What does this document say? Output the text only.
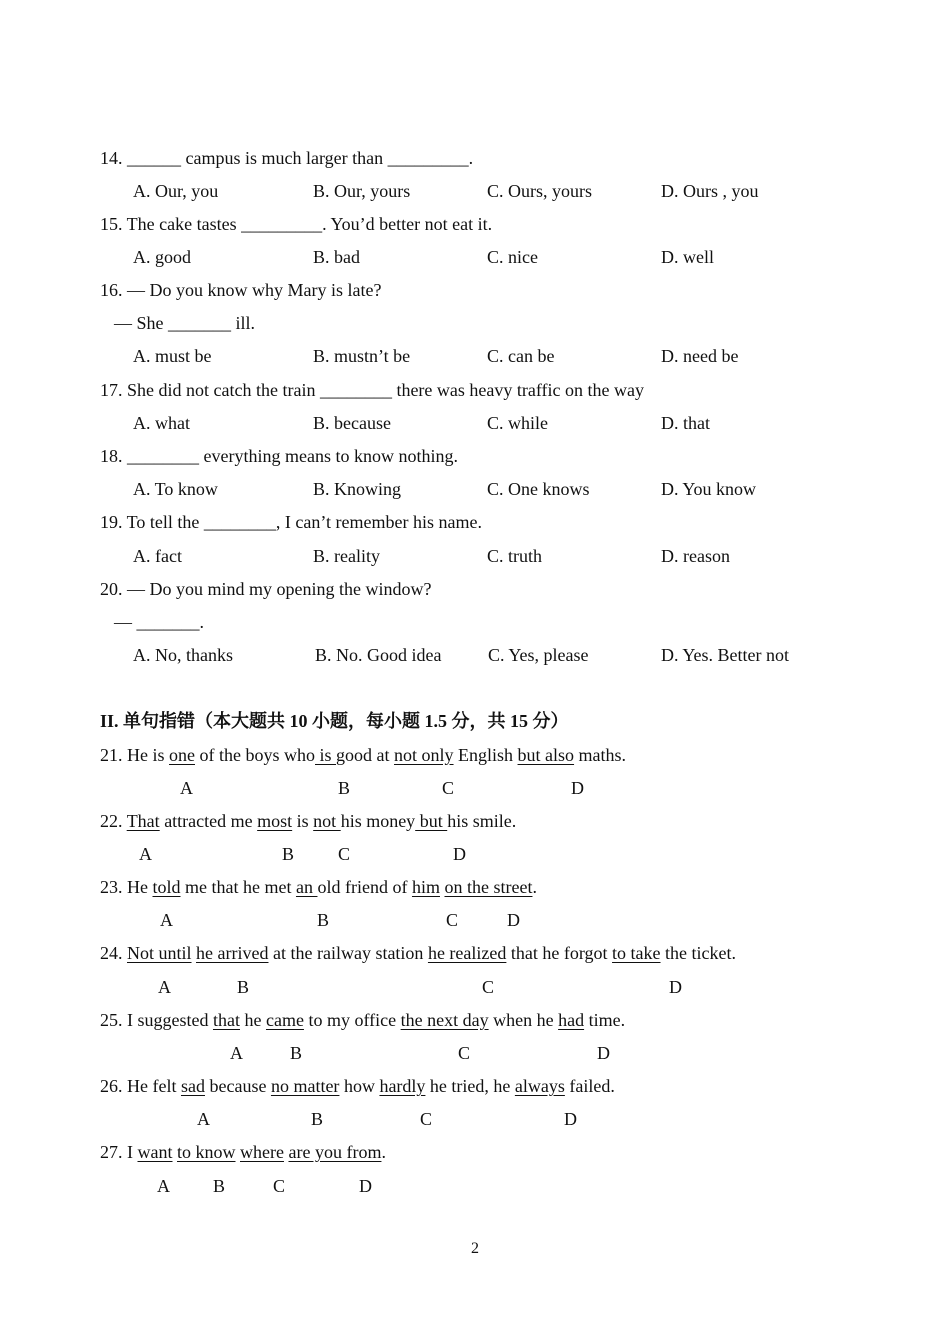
14. ______ campus is much larger than _________.
A. Our, you	B. Our, yours	C. Ours, yours	D. Ours , you
15. The cake tastes _________. You’d better not eat it.
A. good	B. bad	C. nice	D. well
16. — Do you know why Mary is late?
— She _______ ill.
A. must be	B. mustn’t be	C. can be	D. need be
17. She did not catch the train ________ there was heavy traffic on the way
A. what	B. because	C. while	D. that
18. ________ everything means to know nothing.
A. To know	B. Knowing	C. One knows	D. You know
19. To tell the ________, I can’t remember his name.
A. fact	B. reality	C. truth	D. reason
20. — Do you mind my opening the window?
— _______.
A. No, thanks	B. No. Good idea	C. Yes, please	D. Yes. Better not
II. 单句指错（本大题共 10 小题，每小题 1.5 分，共 15 分）
21. He is one of the boys who is good at not only English but also maths.
22. That attracted me most is not his money but his smile.
23. He told me that he met an old friend of him on the street.
24. Not until he arrived at the railway station he realized that he forgot to take the ticket.
25. I suggested that he came to my office the next day when he had time.
26. He felt sad because no matter how hardly he tried, he always failed.
27. I want to know where are you from.
A	B	C	D
A	B C	D
A	B	C	D
A	B	C	D
A	B	C	D
A	B	C	D
A B	C	D
2
